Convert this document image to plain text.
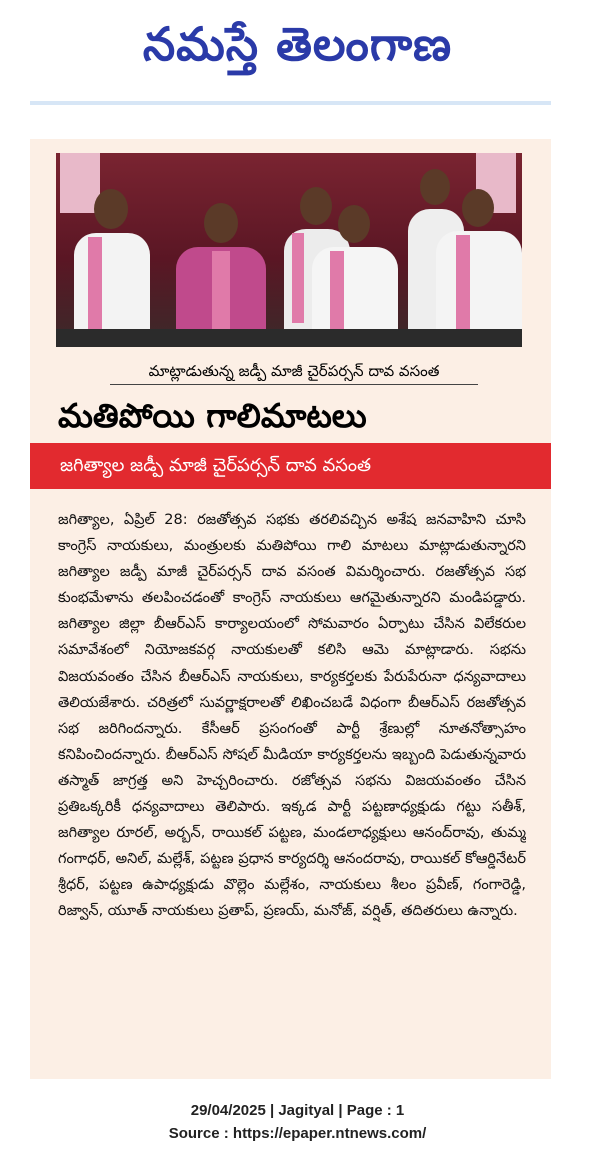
నమస్తే తెలంగాణ
మాట్లాడుతున్న జడ్పీ మాజీ చైర్‌పర్సన్ దావ వసంత
మతిపోయి గాలిమాటలు
జగిత్యాల జడ్పీ మాజీ చైర్‌పర్సన్ దావ వసంత

జగిత్యాల, ఏప్రిల్ 28: రజతోత్సవ సభకు తరలివచ్చిన అశేష జనవాహిని చూసి కాంగ్రెస్ నాయకులు, మంత్రులకు మతిపోయి గాలి మాటలు మాట్లాడుతున్నారని జగిత్యాల జడ్పీ మాజీ చైర్‌పర్సన్ దావ వసంత విమర్శించారు. రజతోత్సవ సభ కుంభమేళాను తలపించడంతో కాంగ్రెస్ నాయకులు ఆగమైతున్నారని మండిపడ్డారు. జగిత్యాల జిల్లా బీఆర్‌ఎస్ కార్యాలయంలో సోమవారం ఏర్పాటు చేసిన విలేకరుల సమావేశంలో నియోజకవర్గ నాయకులతో కలిసి ఆమె మాట్లాడారు. సభను విజయవంతం చేసిన బీఆర్‌ఎస్ నాయకులు, కార్యకర్తలకు పేరుపేరునా ధన్యవాదాలు తెలియజేశారు. చరిత్రలో సువర్ణాక్షరాలతో లిఖించబడే విధంగా బీఆర్‌ఎస్ రజతోత్సవ సభ జరిగిందన్నారు. కేసీఆర్ ప్రసంగంతో పార్టీ శ్రేణుల్లో నూతనోత్సాహం కనిపించిందన్నారు. బీఆర్‌ఎస్ సోషల్ మీడియా కార్యకర్తలను ఇబ్బంది పెడుతున్నవారు తస్మాత్ జాగ్రత్త అని హెచ్చరించారు. రజోత్సవ సభను విజయవంతం చేసిన ప్రతిఒక్కరికీ ధన్యవాదాలు తెలిపారు. ఇక్కడ పార్టీ పట్టణాధ్యక్షుడు గట్టు సతీశ్, జగిత్యాల రూరల్, అర్బన్, రాయికల్ పట్టణ, మండలాధ్యక్షులు ఆనంద్‌రావు, తుమ్మ గంగాధర్, అనిల్, మల్లేశ్, పట్టణ ప్రధాన కార్యదర్శి ఆనందరావు, రాయికల్ కోఆర్డినేటర్ శ్రీధర్, పట్టణ ఉపాధ్యక్షుడు వొల్లెం మల్లేశం, నాయకులు శీలం ప్రవీణ్, గంగారెడ్డి, రిజ్వాన్, యూత్ నాయకులు ప్రతాప్, ప్రణయ్, మనోజ్, వర్షిత్, తదితరులు ఉన్నారు.

29/04/2025 | Jagityal | Page : 1
Source : https://epaper.ntnews.com/
